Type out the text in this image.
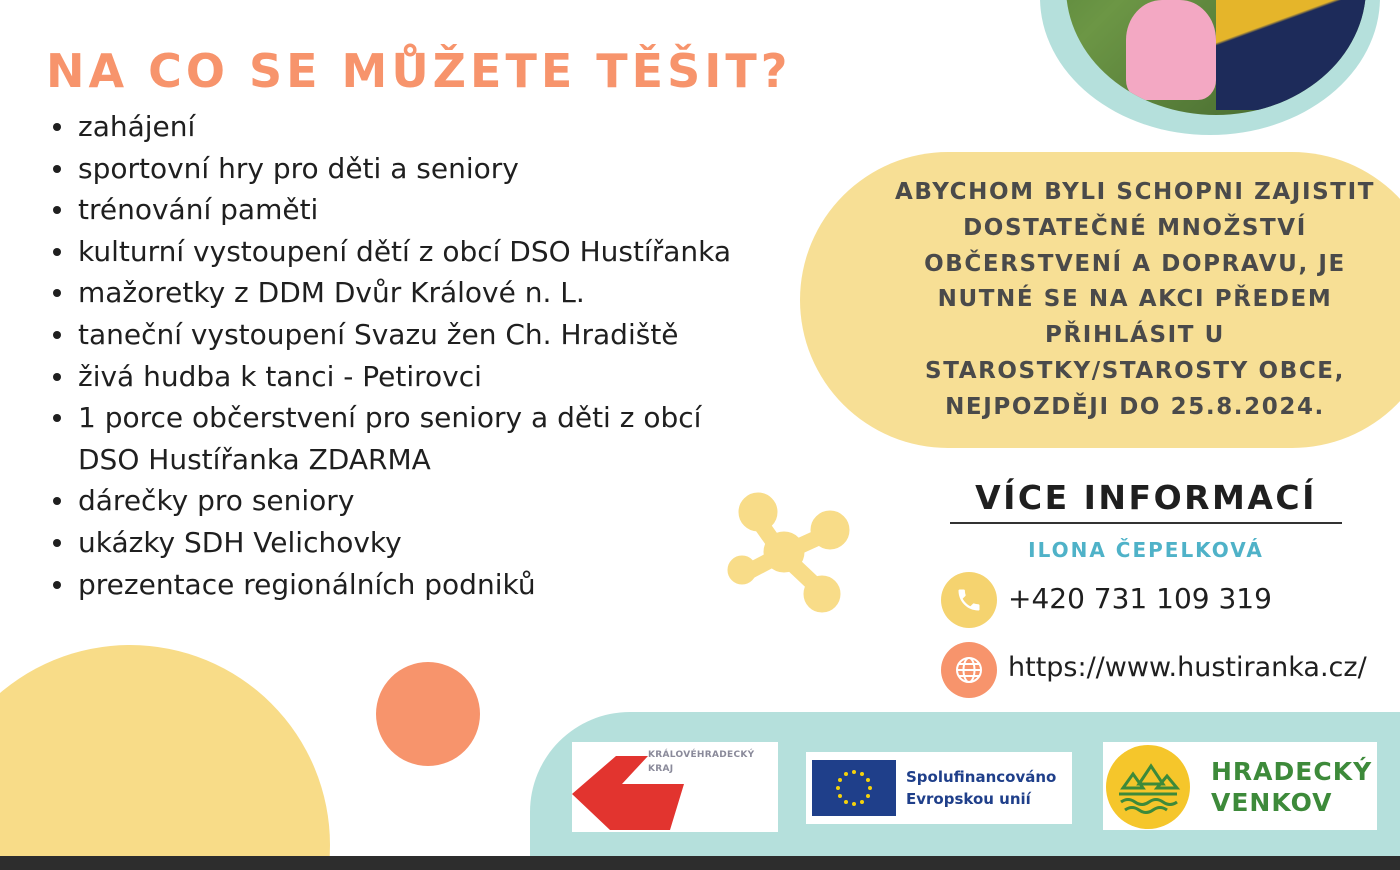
NA CO SE MŮŽETE TĚŠIT?
zahájení
sportovní hry pro děti a seniory
trénování paměti
kulturní vystoupení dětí z obcí DSO Hustířanka
mažoretky z DDM Dvůr Králové n. L.
taneční vystoupení Svazu žen Ch. Hradiště
živá hudba k tanci - Petirovci
1 porce občerstvení pro seniory a děti z obcí DSO Hustířanka ZDARMA
dárečky pro seniory
ukázky SDH Velichovky
prezentace regionálních podniků
ABYCHOM BYLI SCHOPNI ZAJISTIT DOSTATEČNÉ MNOŽSTVÍ OBČERSTVENÍ A DOPRAVU, JE NUTNÉ SE NA AKCI PŘEDEM PŘIHLÁSIT U STAROSTKY/STAROSTY OBCE, NEJPOZDĚJI DO 25.8.2024.
VÍCE INFORMACÍ
ILONA ČEPELKOVÁ
+420 731 109 319
https://www.hustiranka.cz/
KRÁLOVÉHRADECKÝ KRAJ	Spolufinancováno Evropskou unií
HRADECKÝ VENKOV
